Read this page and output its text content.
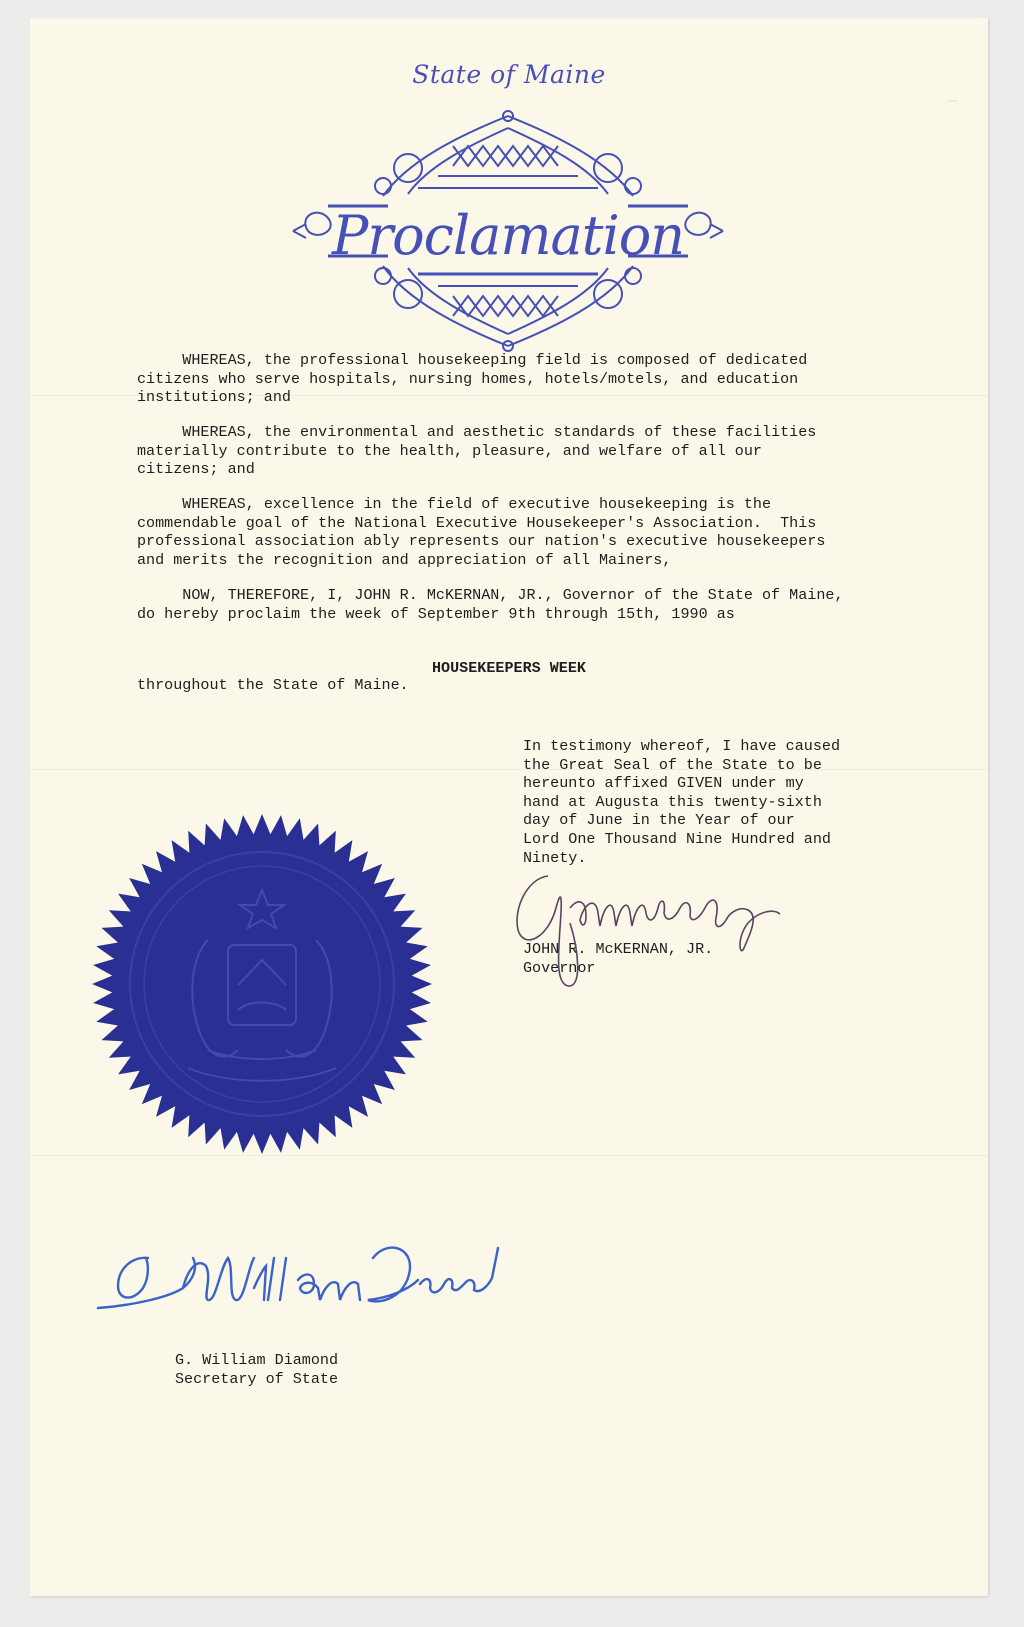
State of Maine
Proclamation
WHEREAS, the professional housekeeping field is composed of dedicated
citizens who serve hospitals, nursing homes, hotels/motels, and education
institutions; and
WHEREAS, the environmental and aesthetic standards of these facilities
materially contribute to the health, pleasure, and welfare of all our
citizens; and
WHEREAS, excellence in the field of executive housekeeping is the
commendable goal of the National Executive Housekeeper's Association.  This
professional association ably represents our nation's executive housekeepers
and merits the recognition and appreciation of all Mainers,
NOW, THEREFORE, I, JOHN R. McKERNAN, JR., Governor of the State of Maine,
do hereby proclaim the week of September 9th through 15th, 1990 as
HOUSEKEEPERS WEEK
throughout the State of Maine.
In testimony whereof, I have caused
the Great Seal of the State to be
hereunto affixed GIVEN under my
hand at Augusta this twenty-sixth
day of June in the Year of our
Lord One Thousand Nine Hundred and
Ninety.
JOHN R. McKERNAN, JR.
Governor
G. William Diamond
Secretary of State
|
